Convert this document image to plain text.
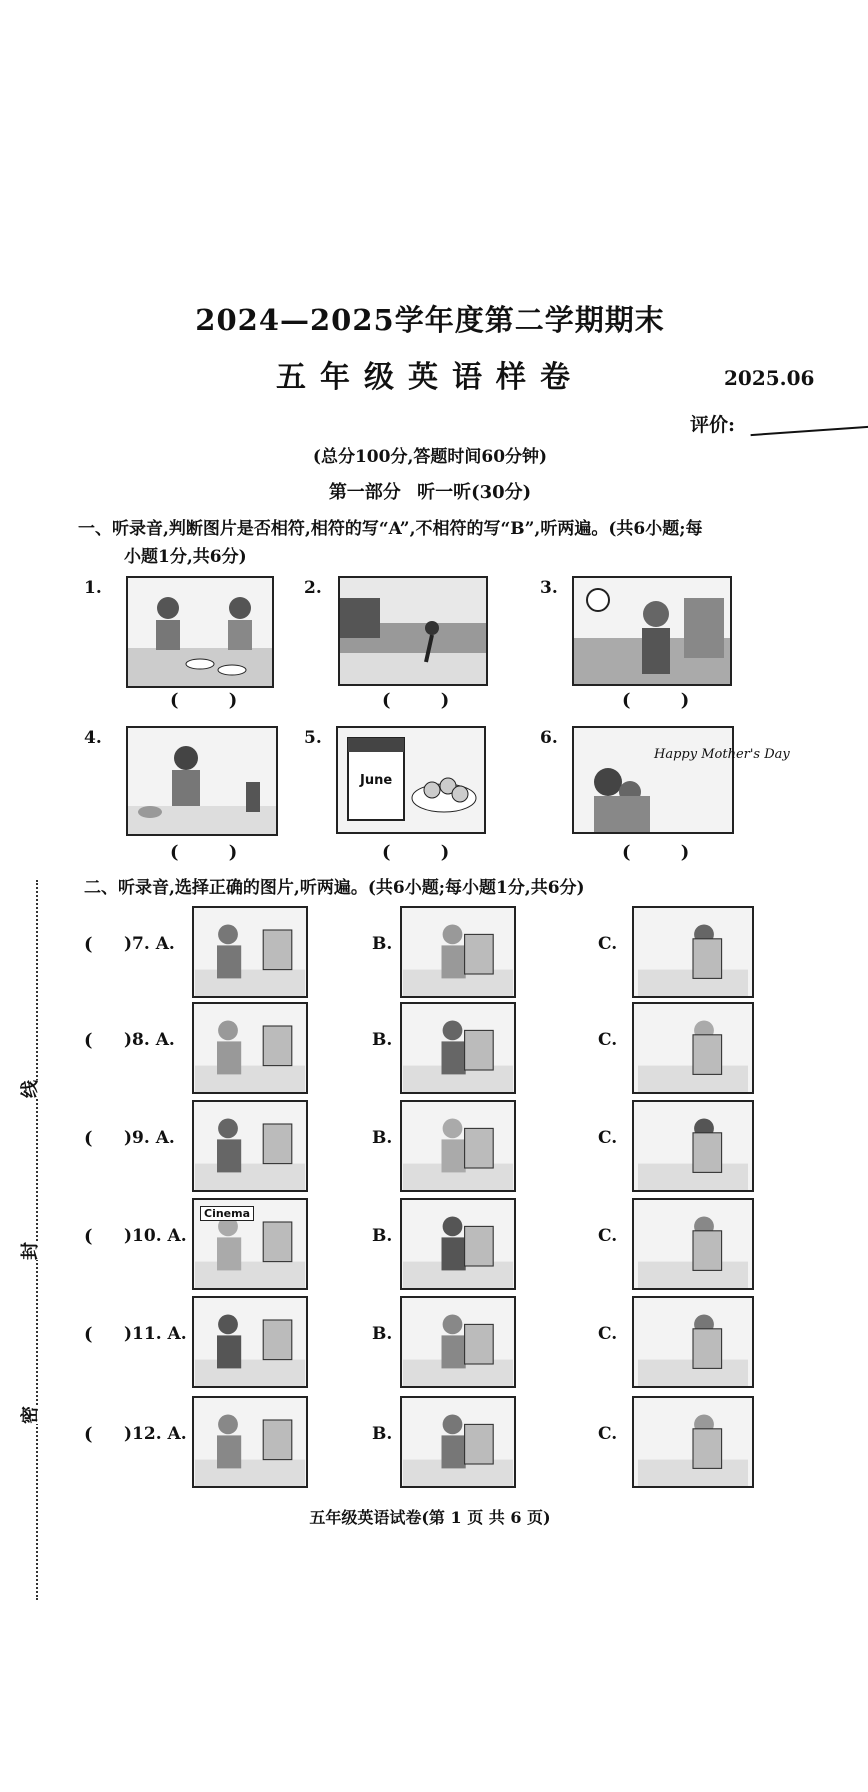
2024—2025学年度第二学期期末
五年级英语样卷	2025.06
评价:
(总分100分,答题时间60分钟)
第一部分 听一听(30分)
一、听录音,判断图片是否相符,相符的写“A”,不相符的写“B”,听两遍。(共6小题;每
小题1分,共6分)
1.
( )
2.
( )
3.
( )
4.
( )
5.
June
( )
6.
Happy Mother's Day
( )
二、听录音,选择正确的图片,听两遍。(共6小题;每小题1分,共6分)
( )7. A.	B.	C.
( )8. A.	B.	C.
( )9. A.	B.	C.
( )10. A.
Cinema
B.	C.
( )11. A.	B.	C.
( )12. A.	B.	C.
五年级英语试卷(第 1 页 共 6 页)
线
封
密
